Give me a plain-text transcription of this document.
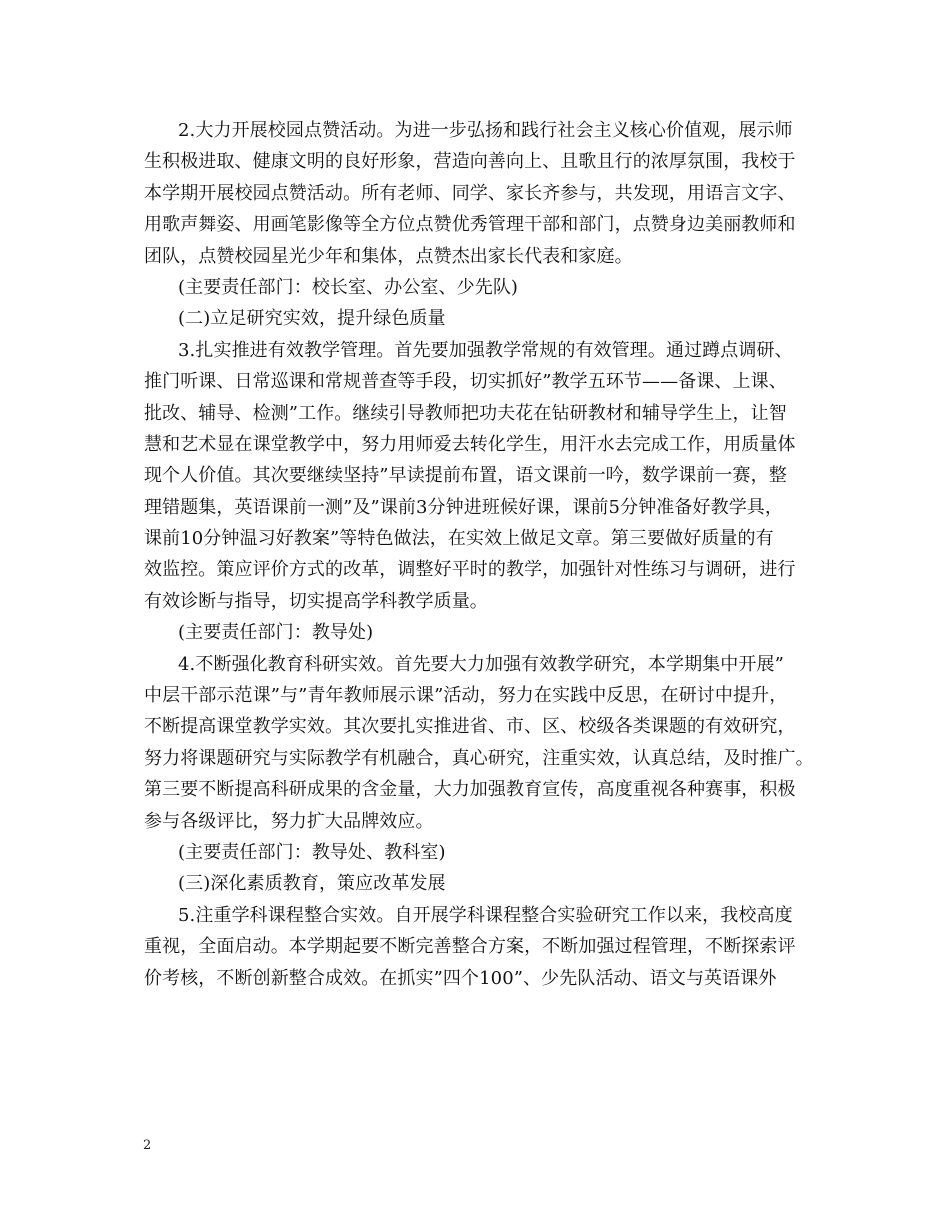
2.大力开展校园点赞活动。为进一步弘扬和践行社会主义核心价值观，展示师
生积极进取、健康文明的良好形象，营造向善向上、且歌且行的浓厚氛围，我校于
本学期开展校园点赞活动。所有老师、同学、家长齐参与，共发现，用语言文字、
用歌声舞姿、用画笔影像等全方位点赞优秀管理干部和部门，点赞身边美丽教师和
团队，点赞校园星光少年和集体，点赞杰出家长代表和家庭。
(主要责任部门：校长室、办公室、少先队)
(二)立足研究实效，提升绿色质量
3.扎实推进有效教学管理。首先要加强教学常规的有效管理。通过蹲点调研、
推门听课、日常巡课和常规普查等手段，切实抓好”教学五环节——备课、上课、
批改、辅导、检测”工作。继续引导教师把功夫花在钻研教材和辅导学生上，让智
慧和艺术显在课堂教学中，努力用师爱去转化学生，用汗水去完成工作，用质量体
现个人价值。其次要继续坚持”早读提前布置，语文课前一吟，数学课前一赛，整
理错题集，英语课前一测”及”课前3分钟进班候好课，课前5分钟准备好教学具，
课前10分钟温习好教案”等特色做法，在实效上做足文章。第三要做好质量的有
效监控。策应评价方式的改革，调整好平时的教学，加强针对性练习与调研，进行
有效诊断与指导，切实提高学科教学质量。
(主要责任部门：教导处)
4.不断强化教育科研实效。首先要大力加强有效教学研究，本学期集中开展”
中层干部示范课”与”青年教师展示课”活动，努力在实践中反思，在研讨中提升，
不断提高课堂教学实效。其次要扎实推进省、市、区、校级各类课题的有效研究，
努力将课题研究与实际教学有机融合，真心研究，注重实效，认真总结，及时推广。
第三要不断提高科研成果的含金量，大力加强教育宣传，高度重视各种赛事，积极
参与各级评比，努力扩大品牌效应。
(主要责任部门：教导处、教科室)
(三)深化素质教育，策应改革发展
5.注重学科课程整合实效。自开展学科课程整合实验研究工作以来，我校高度
重视，全面启动。本学期起要不断完善整合方案，不断加强过程管理，不断探索评
价考核，不断创新整合成效。在抓实”四个100”、少先队活动、语文与英语课外
2
